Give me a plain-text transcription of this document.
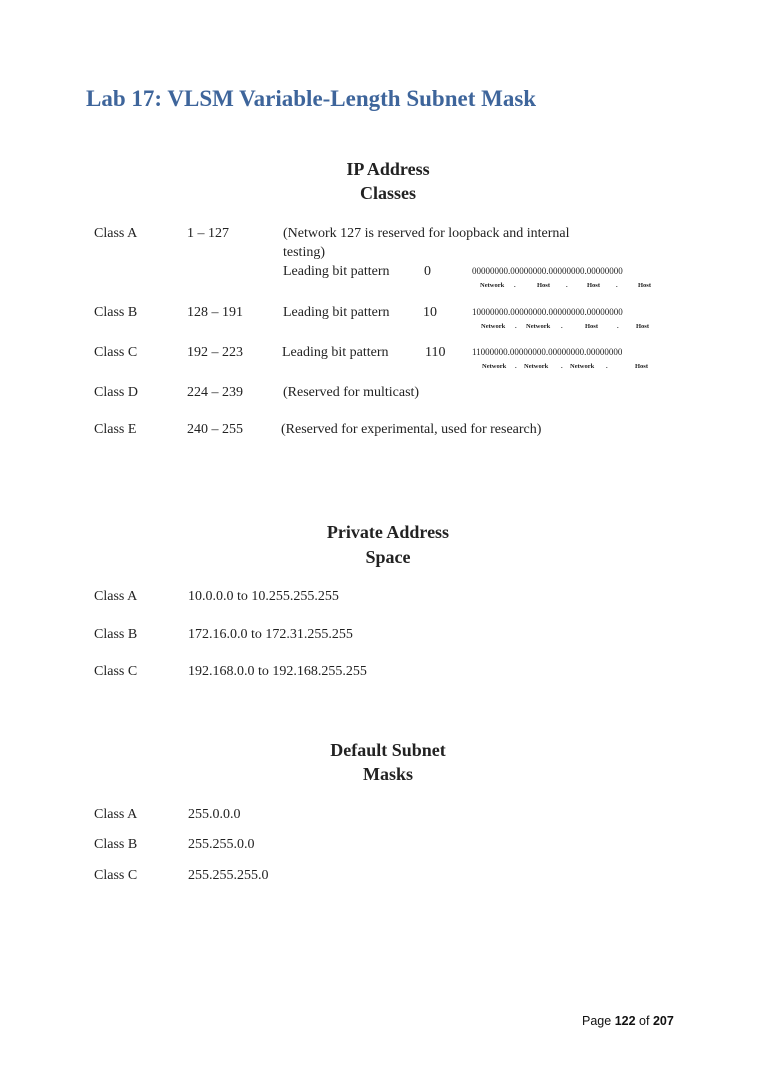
Lab 17: VLSM Variable-Length Subnet Mask
IP Address
Classes
Class A	1 – 127	(Network 127 is reserved for loopback and internal
testing)
Leading bit pattern 0	00000000.00000000.00000000.00000000
Network .	Host .	Host .	Host
Class B	128 – 191	Leading bit pattern 10	10000000.00000000.00000000.00000000
Network . Network .	Host	.	Host
Class C	192 – 223	Leading bit pattern	110	11000000.00000000.00000000.00000000
Network . Network . Network .	Host
Class D	224 – 239	(Reserved for multicast)
Class E	240 – 255	(Reserved for experimental, used for research)
Private Address
Space
Class A	10.0.0.0 to 10.255.255.255
Class B	172.16.0.0 to 172.31.255.255
Class C	192.168.0.0 to 192.168.255.255
Default Subnet
Masks
Class A	255.0.0.0
Class B	255.255.0.0
Class C	255.255.255.0
Page 122 of 207
